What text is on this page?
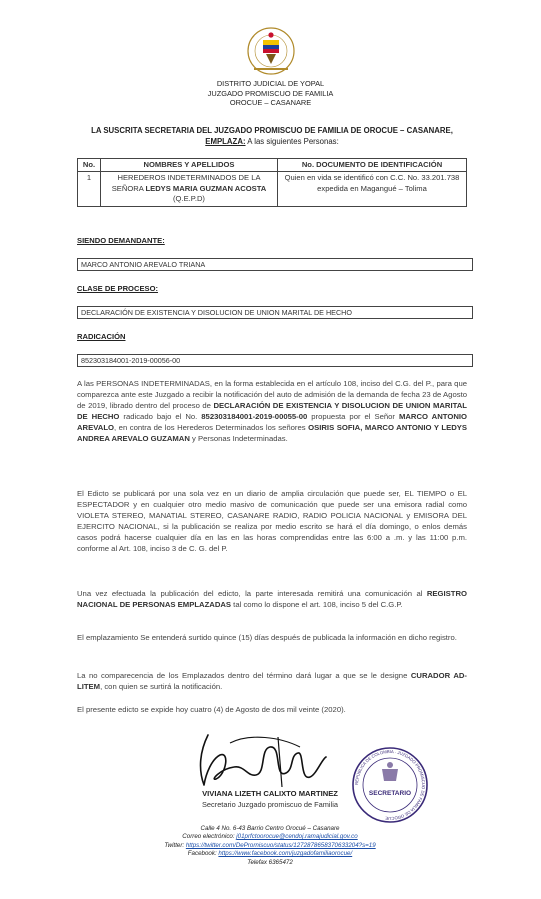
DISTRITO JUDICIAL DE YOPAL
JUZGADO PROMISCUO DE FAMILIA
OROCUE – CASANARE
LA SUSCRITA SECRETARIA DEL JUZGADO PROMISCUO DE FAMILIA DE OROCUE – CASANARE, EMPLAZA: A las siguientes Personas:
No.	NOMBRES Y APELLIDOS	No. DOCUMENTO DE IDENTIFICACIÓN
1	HEREDEROS INDETERMINADOS DE LA SEÑORA LEDYS MARIA GUZMAN ACOSTA (Q.E.P.D)	Quien en vida se identificó con C.C. No. 33.201.738 expedida en Magangué – Tolima
SIENDO DEMANDANTE:
MARCO ANTONIO AREVALO TRIANA
CLASE DE PROCESO:
DECLARACIÓN DE EXISTENCIA Y DISOLUCION DE UNION MARITAL DE HECHO
RADICACIÓN
852303184001-2019-00056-00
A las PERSONAS INDETERMINADAS, en la forma establecida en el artículo 108, inciso del C.G. del P., para que comparezca ante este Juzgado a recibir la notificación del auto de admisión de la demanda de fecha 23 de Agosto de 2019, librado dentro del proceso de DECLARACIÓN DE EXISTENCIA Y DISOLUCION DE UNION MARITAL DE HECHO radicado bajo el No. 852303184001-2019-00055-00 propuesta por el Señor MARCO ANTONIO AREVALO, en contra de los Herederos Determinados los señores OSIRIS SOFIA, MARCO ANTONIO Y LEDYS ANDREA AREVALO GUZAMAN y Personas Indeterminadas.
El Edicto se publicará por una sola vez en un diario de amplia circulación que puede ser, EL TIEMPO o EL ESPECTADOR y en cualquier otro medio masivo de comunicación que puede ser una emisora radial como VIOLETA STEREO, MANATIAL STEREO, CASANARE RADIO, RADIO POLICIA NACIONAL y EMISORA DEL EJERCITO NACIONAL, si la publicación se realiza por medio escrito se hará el día domingo, o enlos demás casos podrá hacerse cualquier día en las en las horas comprendidas entre las 6:00 a .m. y las 11:00 p.m. conforme al Art. 108, inciso 3 de C. G. del P.
Una vez efectuada la publicación del edicto, la parte interesada remitirá una comunicación al REGISTRO NACIONAL DE PERSONAS EMPLAZADAS tal como lo dispone el art. 108, inciso 5 del C.G.P.
El emplazamiento Se entenderá surtido quince (15) días después de publicada la información en dicho registro.
La no comparecencia de los Emplazados dentro del término dará lugar a que se le designe CURADOR AD-LITEM, con quien se surtirá la notificación.
El presente edicto se expide hoy cuatro (4) de Agosto de dos mil veinte (2020).
SECRETARIO
REPÚBLICA DE COLOMBIA · JUZGADO PROMISCUO DE FAMILIA DE OROCUE
VIVIANA LIZETH CALIXTO MARTINEZ
Secretario Juzgado promiscuo de Familia
Calle 4 No. 6-43 Barrio Centro Orocué – Casanare
Correo electrónico: j01prfctoorocue@cendoj.ramajudicial.gov.co
Twitter: https://twitter.com/DeProrniscuo/status/1272878658370633204?s=19
Facebook: https://www.facebook.com/juzgadofamiliaorocue/
Telefax 6365472
